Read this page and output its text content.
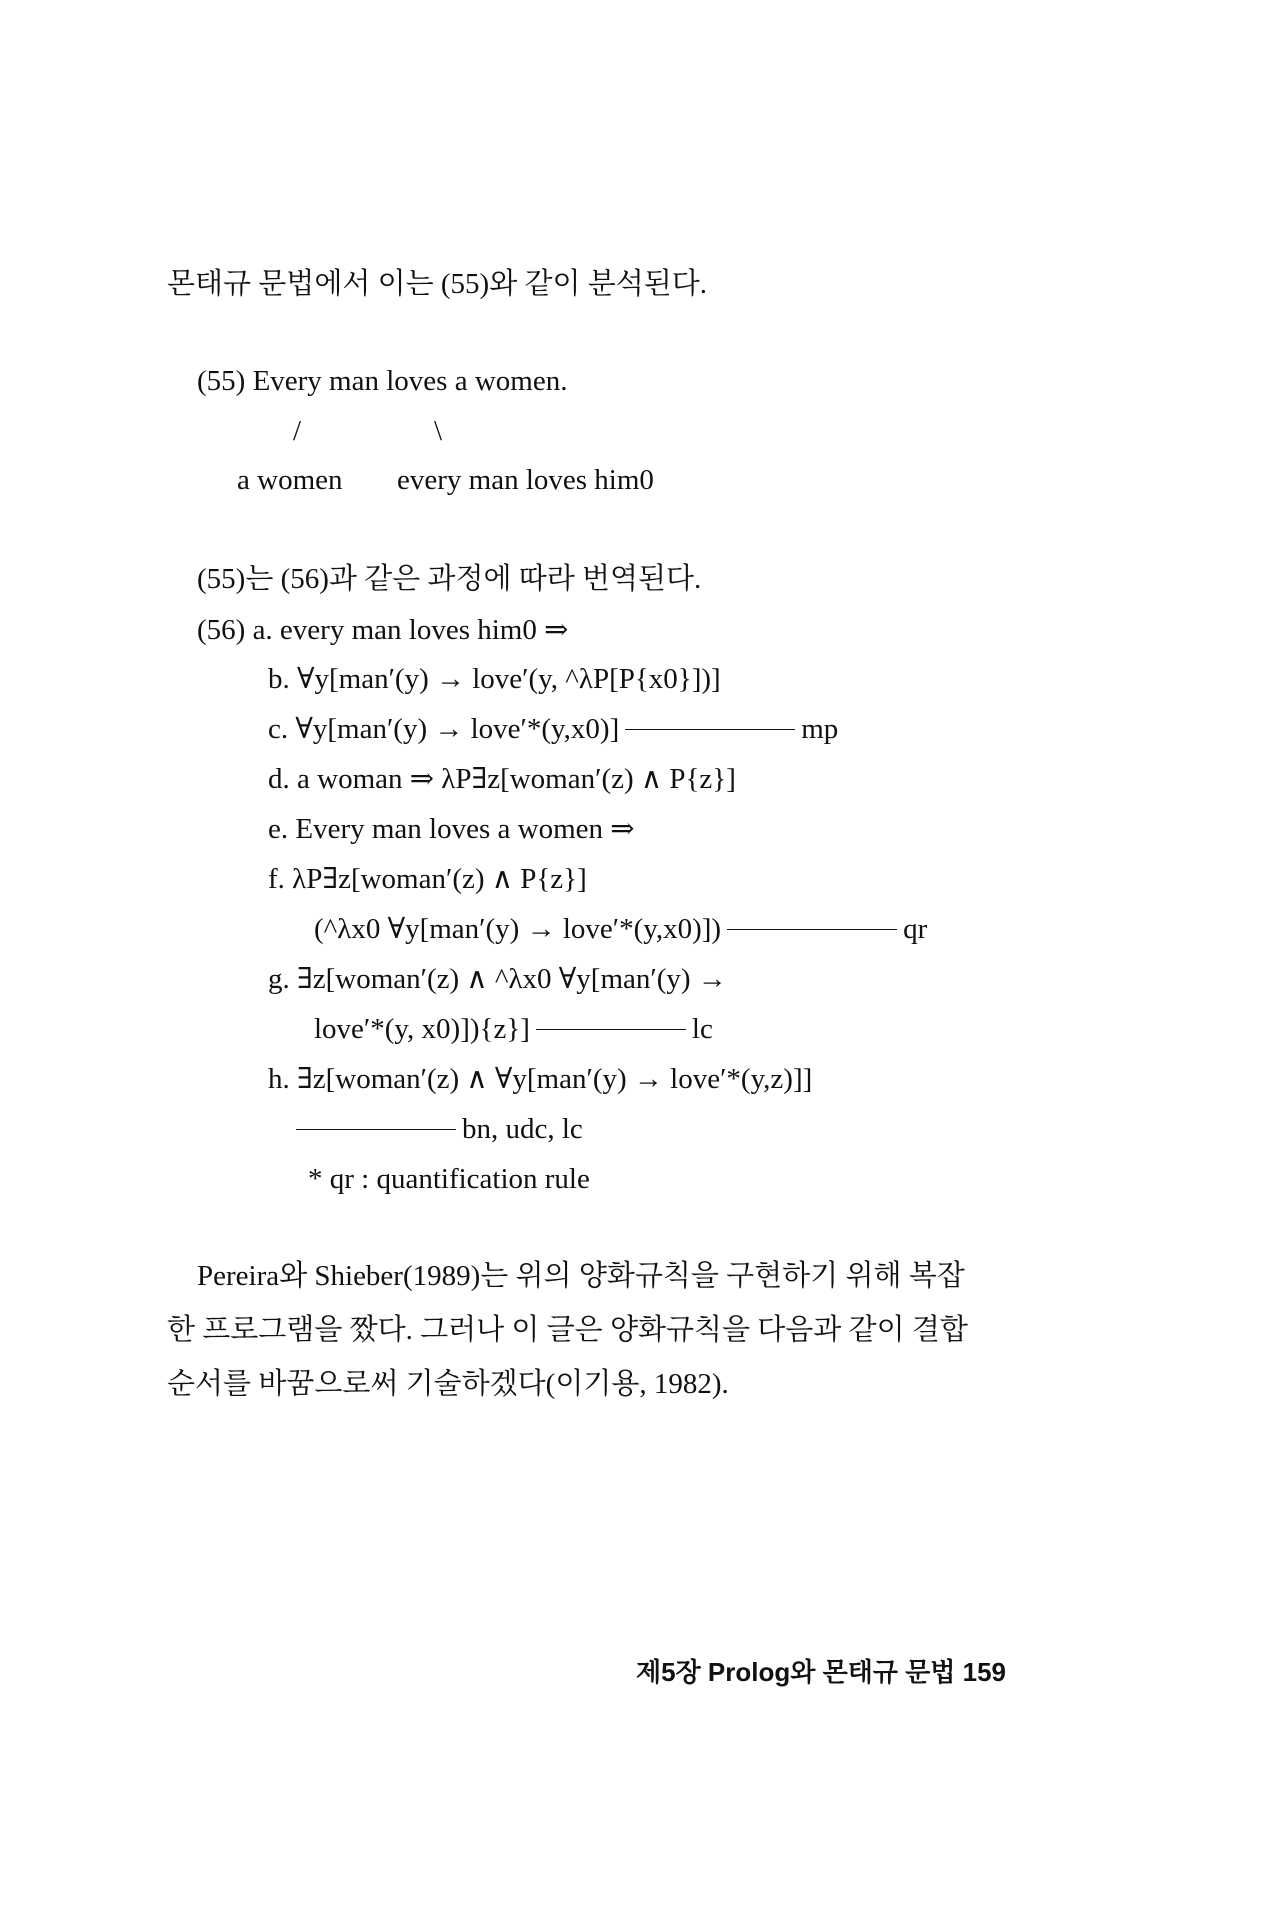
몬태규 문법에서 이는 (55)와 같이 분석된다.
(55) Every man loves a women.
/	\
a women every man loves him0
(55)는 (56)과 같은 과정에 따라 번역된다.
(56) a. every man loves him0 ⇒
b. ∀y[man′(y) → love′(y, ^λP[P{x0}])]
c. ∀y[man′(y) → love′*(y,x0)]	mp
d. a woman ⇒ λP∃z[woman′(z) ∧ P{z}]
e. Every man loves a women ⇒
f. λP∃z[woman′(z) ∧ P{z}]
(^λx0 ∀y[man′(y) → love′*(y,x0)])	qr
g. ∃z[woman′(z) ∧ ^λx0 ∀y[man′(y) →
love′*(y, x0)]){z}]	lc
h. ∃z[woman′(z) ∧ ∀y[man′(y) → love′*(y,z)]]
bn, udc, lc
* qr : quantification rule
Pereira와 Shieber(1989)는 위의 양화규칙을 구현하기 위해 복잡
한 프로그램을 짰다. 그러나 이 글은 양화규칙을 다음과 같이 결합
순서를 바꿈으로써 기술하겠다(이기용, 1982).
제5장 Prolog와 몬태규 문법 159
